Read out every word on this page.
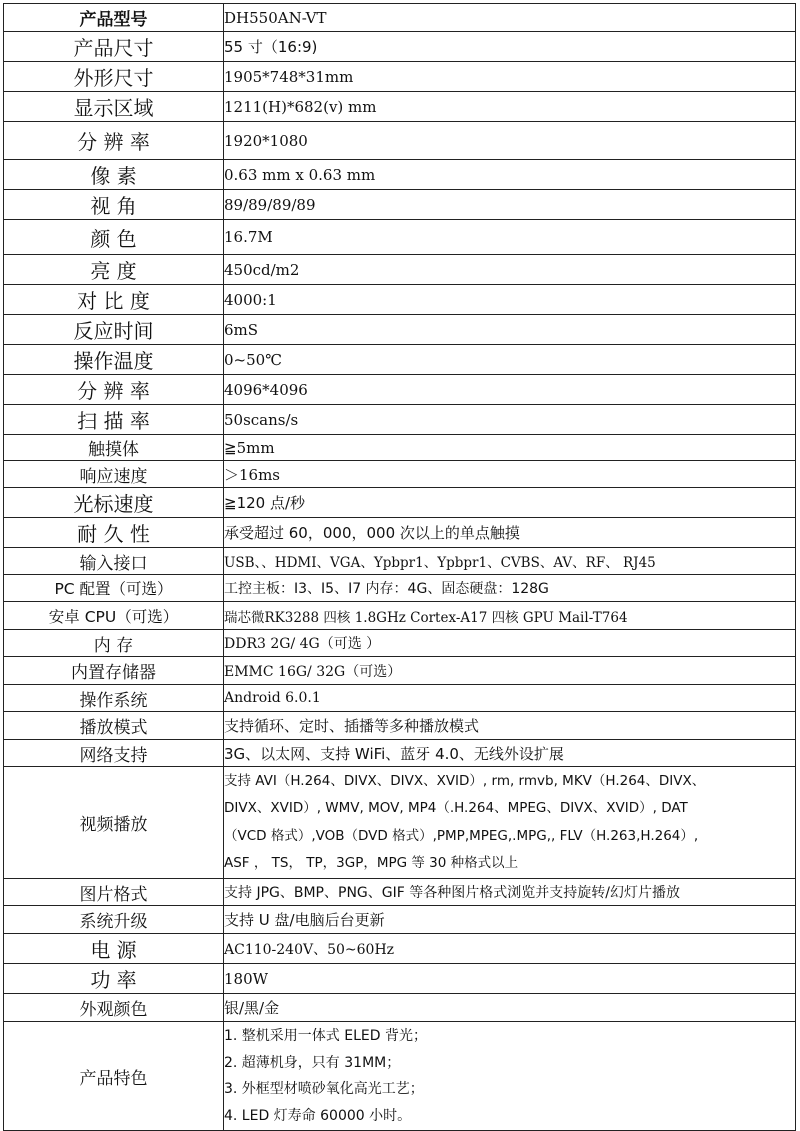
产品型号	DH550AN-VT
产品尺寸	55 寸（16:9)
外形尺寸	1905*748*31mm
显示区域	1211(H)*682(v) mm
分 辨 率	1920*1080
像 素	0.63 mm x 0.63 mm
视 角	89/89/89/89
颜 色	16.7M
亮 度	450cd/m2
对 比 度	4000:1
反应时间	6mS
操作温度	0~50℃
分 辨 率	4096*4096
扫 描 率	50scans/s
触摸体	≧5mm
响应速度	＞16ms
光标速度	≧120 点/秒
耐 久 性	承受超过 60，000，000 次以上的单点触摸
输入接口	USB、、HDMI、VGA、Ypbpr1、Ypbpr1、CVBS、AV、RF、 RJ45
PC 配置（可选）	工控主板：I3、I5、I7 内存：4G、固态硬盘：128G
安卓 CPU（可选）	瑞芯微RK3288 四核 1.8GHz Cortex-A17 四核 GPU Mail-T764
内 存	DDR3 2G/ 4G（可选 ）
内置存储器	EMMC 16G/ 32G（可选）
操作系统	Android 6.0.1
播放模式	支持循环、定时、插播等多种播放模式
网络支持	3G、以太网、支持 WiFi、蓝牙 4.0、无线外设扩展
视频播放	支持 AVI（H.264、DIVX、DIVX、XVID）, rm, rmvb, MKV（H.264、DIVX、
DIVX、XVID）, WMV, MOV, MP4（.H.264、MPEG、DIVX、XVID）, DAT
（VCD 格式）,VOB（DVD 格式）,PMP,MPEG,.MPG,, FLV（H.263,H.264）,
ASF ， TS， TP，3GP，MPG 等 30 种格式以上

图片格式	支持 JPG、BMP、PNG、GIF 等各种图片格式浏览并支持旋转/幻灯片播放
系统升级	支持 U 盘/电脑后台更新
电 源	AC110-240V、50~60Hz
功 率	180W
外观颜色	银/黑/金
产品特色	1. 整机采用一体式 ELED 背光；
2. 超薄机身，只有 31MM；
3. 外框型材喷砂氧化高光工艺；
4. LED 灯寿命 60000 小时。
